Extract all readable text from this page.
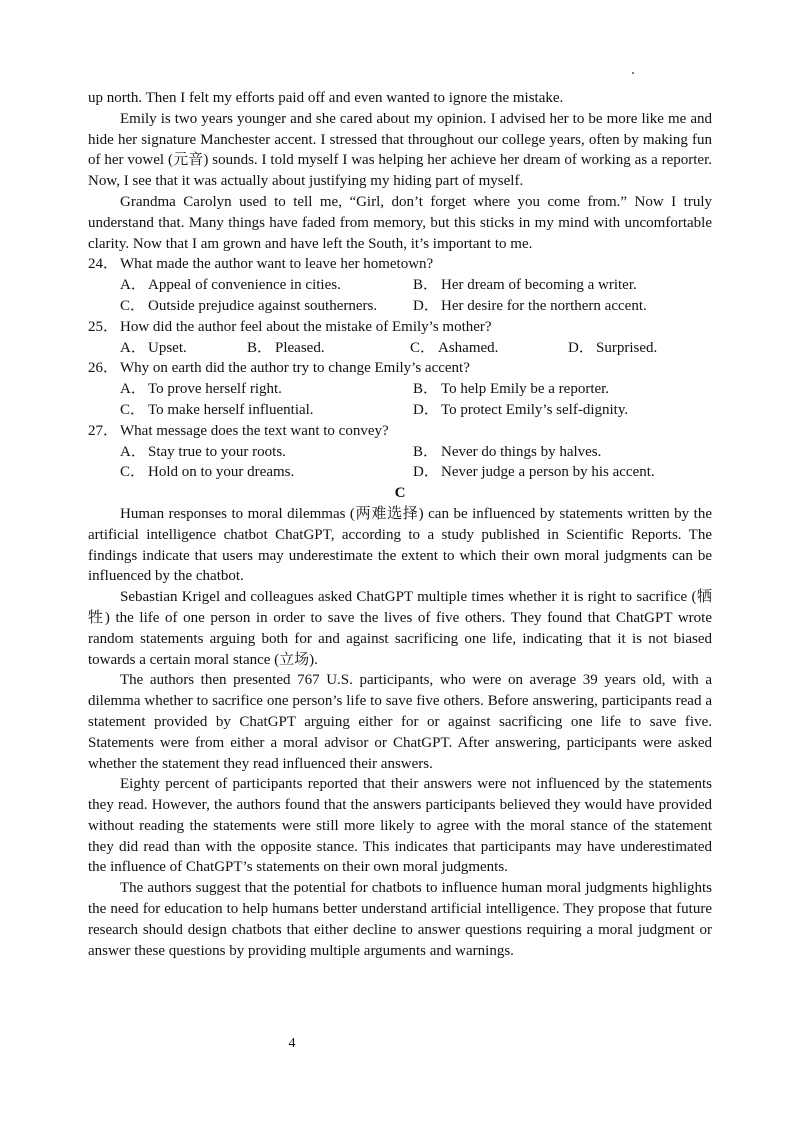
up north. Then I felt my efforts paid off and even wanted to ignore the mistake.

Emily is two years younger and she cared about my opinion. I advised her to be more like me and hide her signature Manchester accent. I stressed that throughout our college years, often by making fun of her vowel (元音) sounds. I told myself I was helping her achieve her dream of working as a reporter. Now, I see that it was actually about justifying my hiding part of myself.

Grandma Carolyn used to tell me, “Girl, don’t forget where you come from.” Now I truly understand that. Many things have faded from memory, but this sticks in my mind with uncomfortable clarity. Now that I am grown and have left the South, it’s important to me.

24． What made the author want to leave her hometown?
A． Appeal of convenience in cities.	B． Her dream of becoming a writer.
C． Outside prejudice against southerners.	D． Her desire for the northern accent.
25． How did the author feel about the mistake of Emily’s mother?
A． Upset.	B． Pleased.	C． Ashamed.	D． Surprised.
26． Why on earth did the author try to change Emily’s accent?
A． To prove herself right.	B． To help Emily be a reporter.
C． To make herself influential.	D． To protect Emily’s self-dignity.
27． What message does the text want to convey?
A． Stay true to your roots.	B． Never do things by halves.
C． Hold on to your dreams.	D． Never judge a person by his accent.

C

Human responses to moral dilemmas (两难选择) can be influenced by statements written by the artificial intelligence chatbot ChatGPT, according to a study published in Scientific Reports. The findings indicate that users may underestimate the extent to which their own moral judgments can be influenced by the chatbot.

Sebastian Krigel and colleagues asked ChatGPT multiple times whether it is right to sacrifice (牺牲) the life of one person in order to save the lives of five others. They found that ChatGPT wrote random statements arguing both for and against sacrificing one life, indicating that it is not biased towards a certain moral stance (立场).

The authors then presented 767 U.S. participants, who were on average 39 years old, with a dilemma whether to sacrifice one person’s life to save five others. Before answering, participants read a statement provided by ChatGPT arguing either for or against sacrificing one life to save five. Statements were from either a moral advisor or ChatGPT. After answering, participants were asked whether the statement they read influenced their answers.

Eighty percent of participants reported that their answers were not influenced by the statements they read. However, the authors found that the answers participants believed they would have provided without reading the statements were still more likely to agree with the moral stance of the statement they did read than with the opposite stance. This indicates that participants may have underestimated the influence of ChatGPT’s statements on their own moral judgments.

The authors suggest that the potential for chatbots to influence human moral judgments highlights the need for education to help humans better understand artificial intelligence. They propose that future research should design chatbots that either decline to answer questions requiring a moral judgment or answer these questions by providing multiple arguments and warnings.

4
